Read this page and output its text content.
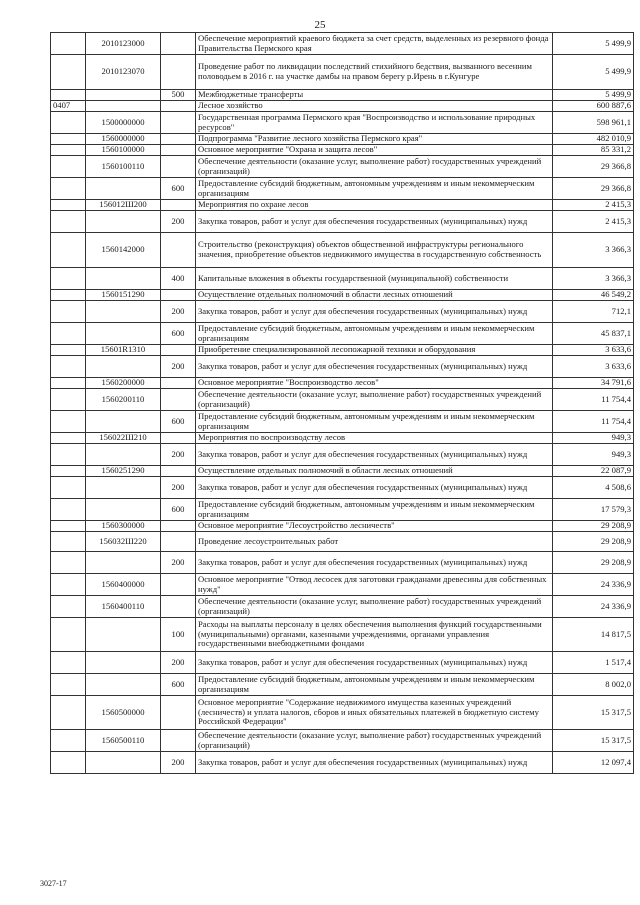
25
	2010123000		Обеспечение мероприятий краевого бюджета за счет средств, выделенных из резервного фонда Правительства Пермского края	5 499,9
	2010123070		Проведение работ по ликвидации последствий стихийного бедствия, вызванного весенним половодьем в 2016 г. на участке дамбы на правом берегу р.Ирень в г.Кунгуре	5 499,9
		500	Межбюджетные трансферты	5 499,9
0407			Лесное хозяйство	600 887,6
	1500000000		Государственная программа Пермского края "Воспроизводство и использование природных ресурсов"	598 961,1
	1560000000		Подпрограмма "Развитие лесного хозяйства Пермского края"	482 010,9
	1560100000		Основное мероприятие "Охрана и защита лесов"	85 331,2
	1560100110		Обеспечение деятельности (оказание услуг, выполнение работ) государственных учреждений (организаций)	29 366,8
		600	Предоставление субсидий бюджетным, автономным учреждениям и иным некоммерческим организациям	29 366,8
	156012Ш200		Мероприятия по охране лесов	2 415,3
		200	Закупка товаров, работ и услуг для обеспечения государственных (муниципальных) нужд	2 415,3
	1560142000		Строительство (реконструкция) объектов общественной инфраструктуры регионального значения, приобретение объектов недвижимого имущества в государственную собственность	3 366,3
		400	Капитальные вложения в объекты государственной (муниципальной) собственности	3 366,3
	1560151290		Осуществление отдельных полномочий в области лесных отношений	46 549,2
		200	Закупка товаров, работ и услуг для обеспечения государственных (муниципальных) нужд	712,1
		600	Предоставление субсидий бюджетным, автономным учреждениям и иным некоммерческим организациям	45 837,1
	15601R1310		Приобретение специализированной лесопожарной техники и оборудования	3 633,6
		200	Закупка товаров, работ и услуг для обеспечения государственных (муниципальных) нужд	3 633,6
	1560200000		Основное мероприятие "Воспроизводство лесов"	34 791,6
	1560200110		Обеспечение деятельности (оказание услуг, выполнение работ) государственных учреждений (организаций)	11 754,4
		600	Предоставление субсидий бюджетным, автономным учреждениям и иным некоммерческим организациям	11 754,4
	156022Ш210		Мероприятия по воспроизводству лесов	949,3
		200	Закупка товаров, работ и услуг для обеспечения государственных (муниципальных) нужд	949,3
	1560251290		Осуществление отдельных полномочий в области лесных отношений	22 087,9
		200	Закупка товаров, работ и услуг для обеспечения государственных (муниципальных) нужд	4 508,6
		600	Предоставление субсидий бюджетным, автономным учреждениям и иным некоммерческим организациям	17 579,3
	1560300000		Основное мероприятие "Лесоустройство лесничеств"	29 208,9
	156032Ш220		Проведение лесоустроительных работ	29 208,9
		200	Закупка товаров, работ и услуг для обеспечения государственных (муниципальных) нужд	29 208,9
	1560400000		Основное мероприятие "Отвод лесосек для заготовки гражданами древесины для собственных нужд"	24 336,9
	1560400110		Обеспечение деятельности (оказание услуг, выполнение работ) государственных учреждений (организаций)	24 336,9
		100	Расходы на выплаты персоналу в целях обеспечения выполнения функций государственными (муниципальными) органами, казенными учреждениями, органами управления государственными внебюджетными фондами	14 817,5
		200	Закупка товаров, работ и услуг для обеспечения государственных (муниципальных) нужд	1 517,4
		600	Предоставление субсидий бюджетным, автономным учреждениям и иным некоммерческим организациям	8 002,0
	1560500000		Основное мероприятие "Содержание недвижимого имущества казенных учреждений (лесничеств) и уплата налогов, сборов и иных обязательных платежей в бюджетную систему Российской Федерации"	15 317,5
	1560500110		Обеспечение деятельности (оказание услуг, выполнение работ) государственных учреждений (организаций)	15 317,5
		200	Закупка товаров, работ и услуг для обеспечения государственных (муниципальных) нужд	12 097,4
3027-17
